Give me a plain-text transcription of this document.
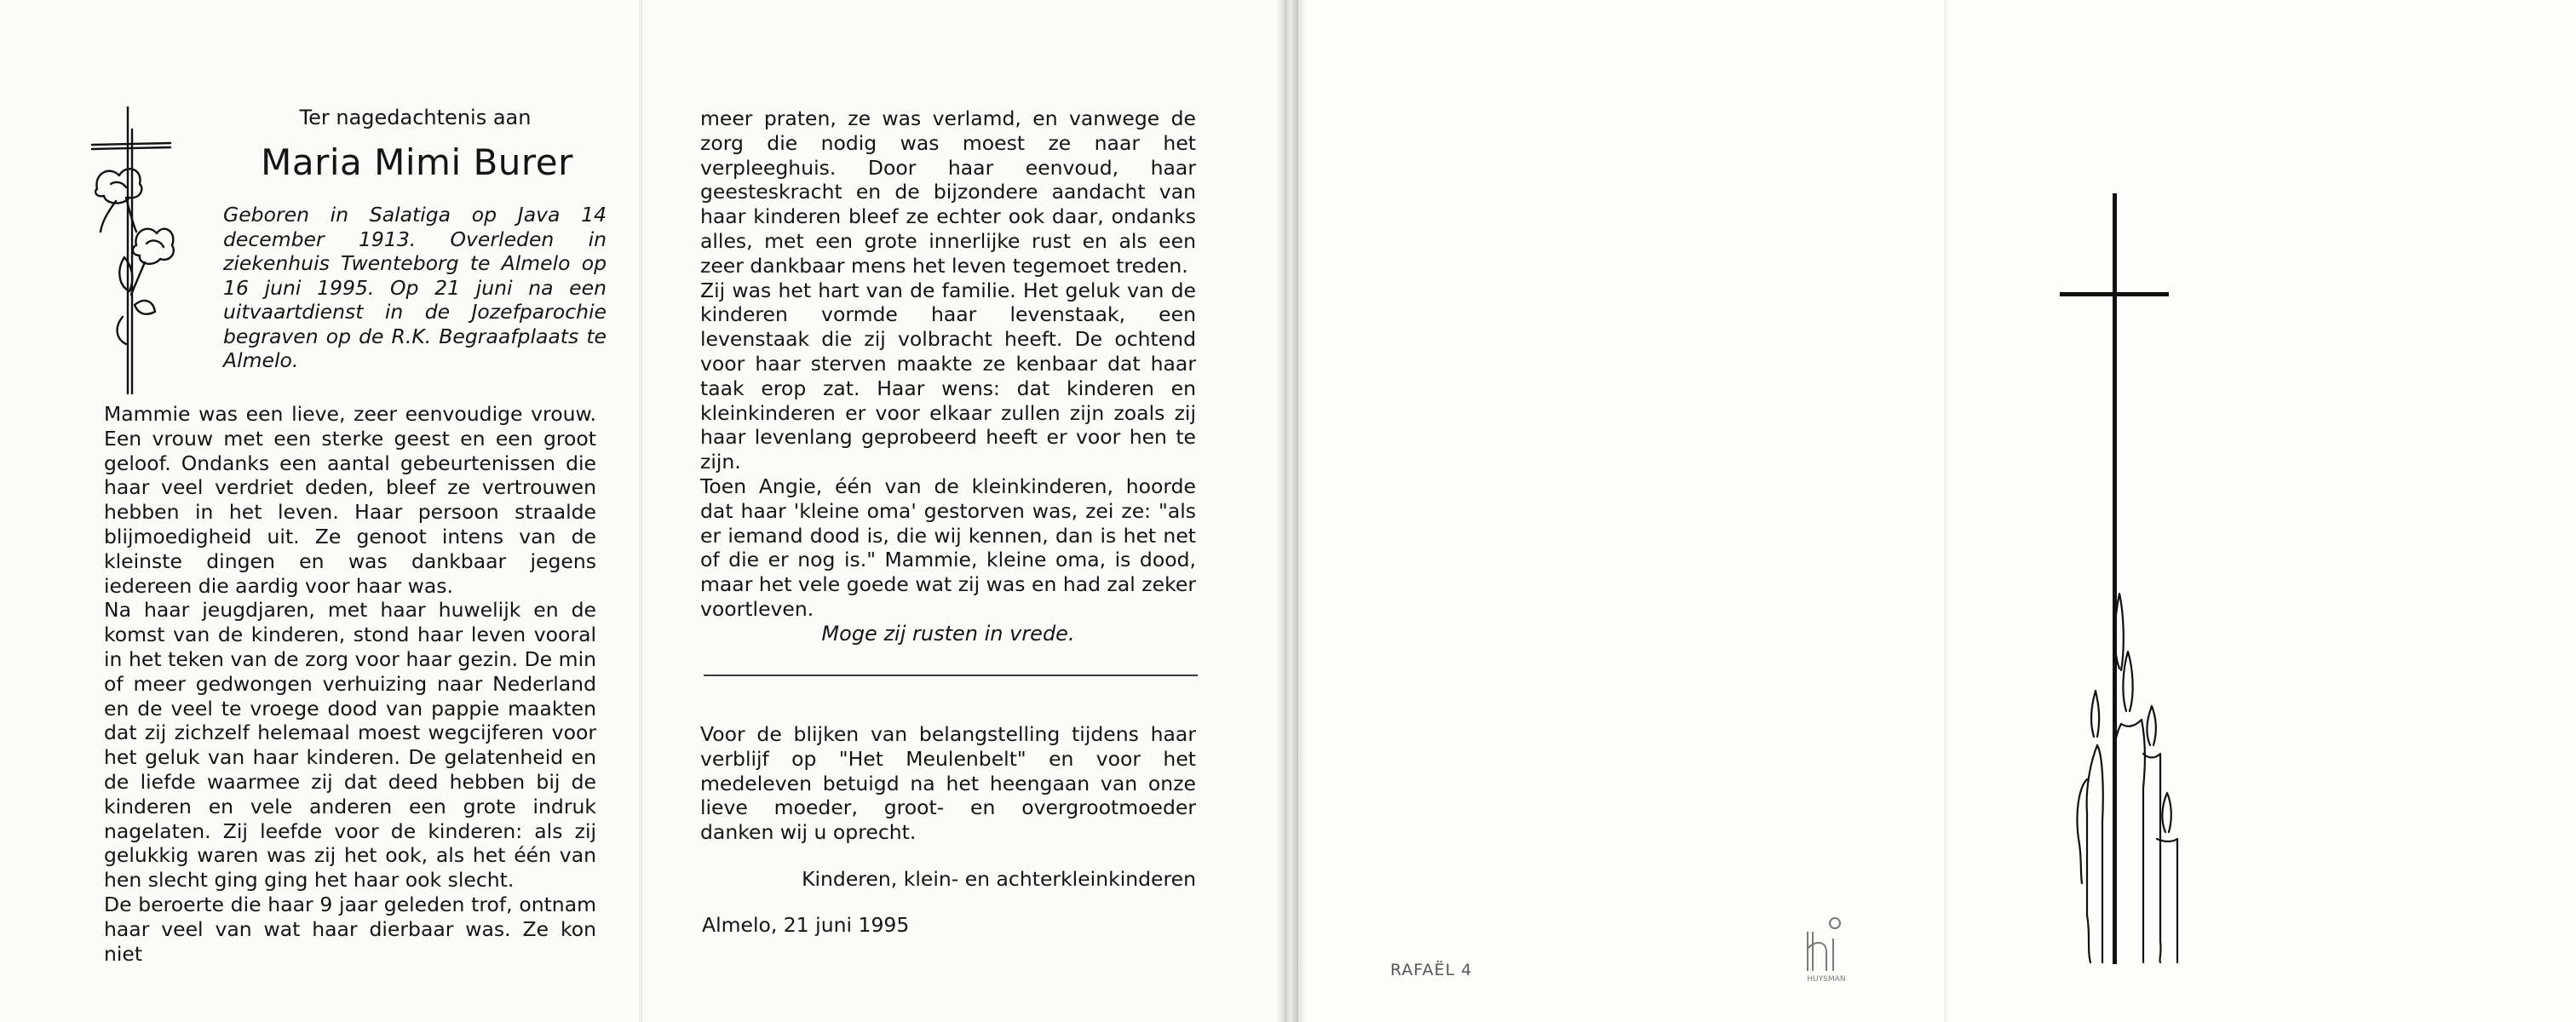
Ter nagedachtenis aan
Maria Mimi Burer
Geboren in Salatiga op Java 14 december 1913. Overleden in ziekenhuis Twenteborg te Almelo op 16 juni 1995. Op 21 juni na een uitvaartdienst in de Jozefparochie begraven op de R.K. Begraafplaats te Almelo.

Mammie was een lieve, zeer eenvoudige vrouw. Een vrouw met een sterke geest en een groot geloof. Ondanks een aantal gebeurtenissen die haar veel verdriet deden, bleef ze vertrouwen hebben in het leven. Haar persoon straalde blijmoedigheid uit. Ze genoot intens van de kleinste dingen en was dankbaar jegens iedereen die aardig voor haar was.

Na haar jeugdjaren, met haar huwelijk en de komst van de kinderen, stond haar leven vooral in het teken van de zorg voor haar gezin. De min of meer gedwongen verhuizing naar Nederland en de veel te vroege dood van pappie maakten dat zij zichzelf helemaal moest wegcijferen voor het geluk van haar kinderen. De gelatenheid en de liefde waarmee zij dat deed hebben bij de kinderen en vele anderen een grote indruk nagelaten. Zij leefde voor de kinderen: als zij gelukkig waren was zij het ook, als het één van hen slecht ging ging het haar ook slecht.

De beroerte die haar 9 jaar geleden trof, ontnam haar veel van wat haar dierbaar was. Ze kon niet

meer praten, ze was verlamd, en vanwege de zorg die nodig was moest ze naar het verpleeghuis. Door haar eenvoud, haar geesteskracht en de bijzondere aandacht van haar kinderen bleef ze echter ook daar, ondanks alles, met een grote innerlijke rust en als een zeer dankbaar mens het leven tegemoet treden.

Zij was het hart van de familie. Het geluk van de kinderen vormde haar levenstaak, een levenstaak die zij volbracht heeft. De ochtend voor haar sterven maakte ze kenbaar dat haar taak erop zat. Haar wens: dat kinderen en kleinkinderen er voor elkaar zullen zijn zoals zij haar levenlang geprobeerd heeft er voor hen te zijn.

Toen Angie, één van de kleinkinderen, hoorde dat haar 'kleine oma' gestorven was, zei ze: "als er iemand dood is, die wij kennen, dan is het net of die er nog is." Mammie, kleine oma, is dood, maar het vele goede wat zij was en had zal zeker voortleven.

Moge zij rusten in vrede.
Voor de blijken van belangstelling tijdens haar verblijf op "Het Meulenbelt" en voor het medeleven betuigd na het heengaan van onze lieve moeder, groot- en overgrootmoeder danken wij u oprecht.
Kinderen, klein- en achterkleinkinderen
Almelo, 21 juni 1995
RAFAËL 4	HUYSMAN
